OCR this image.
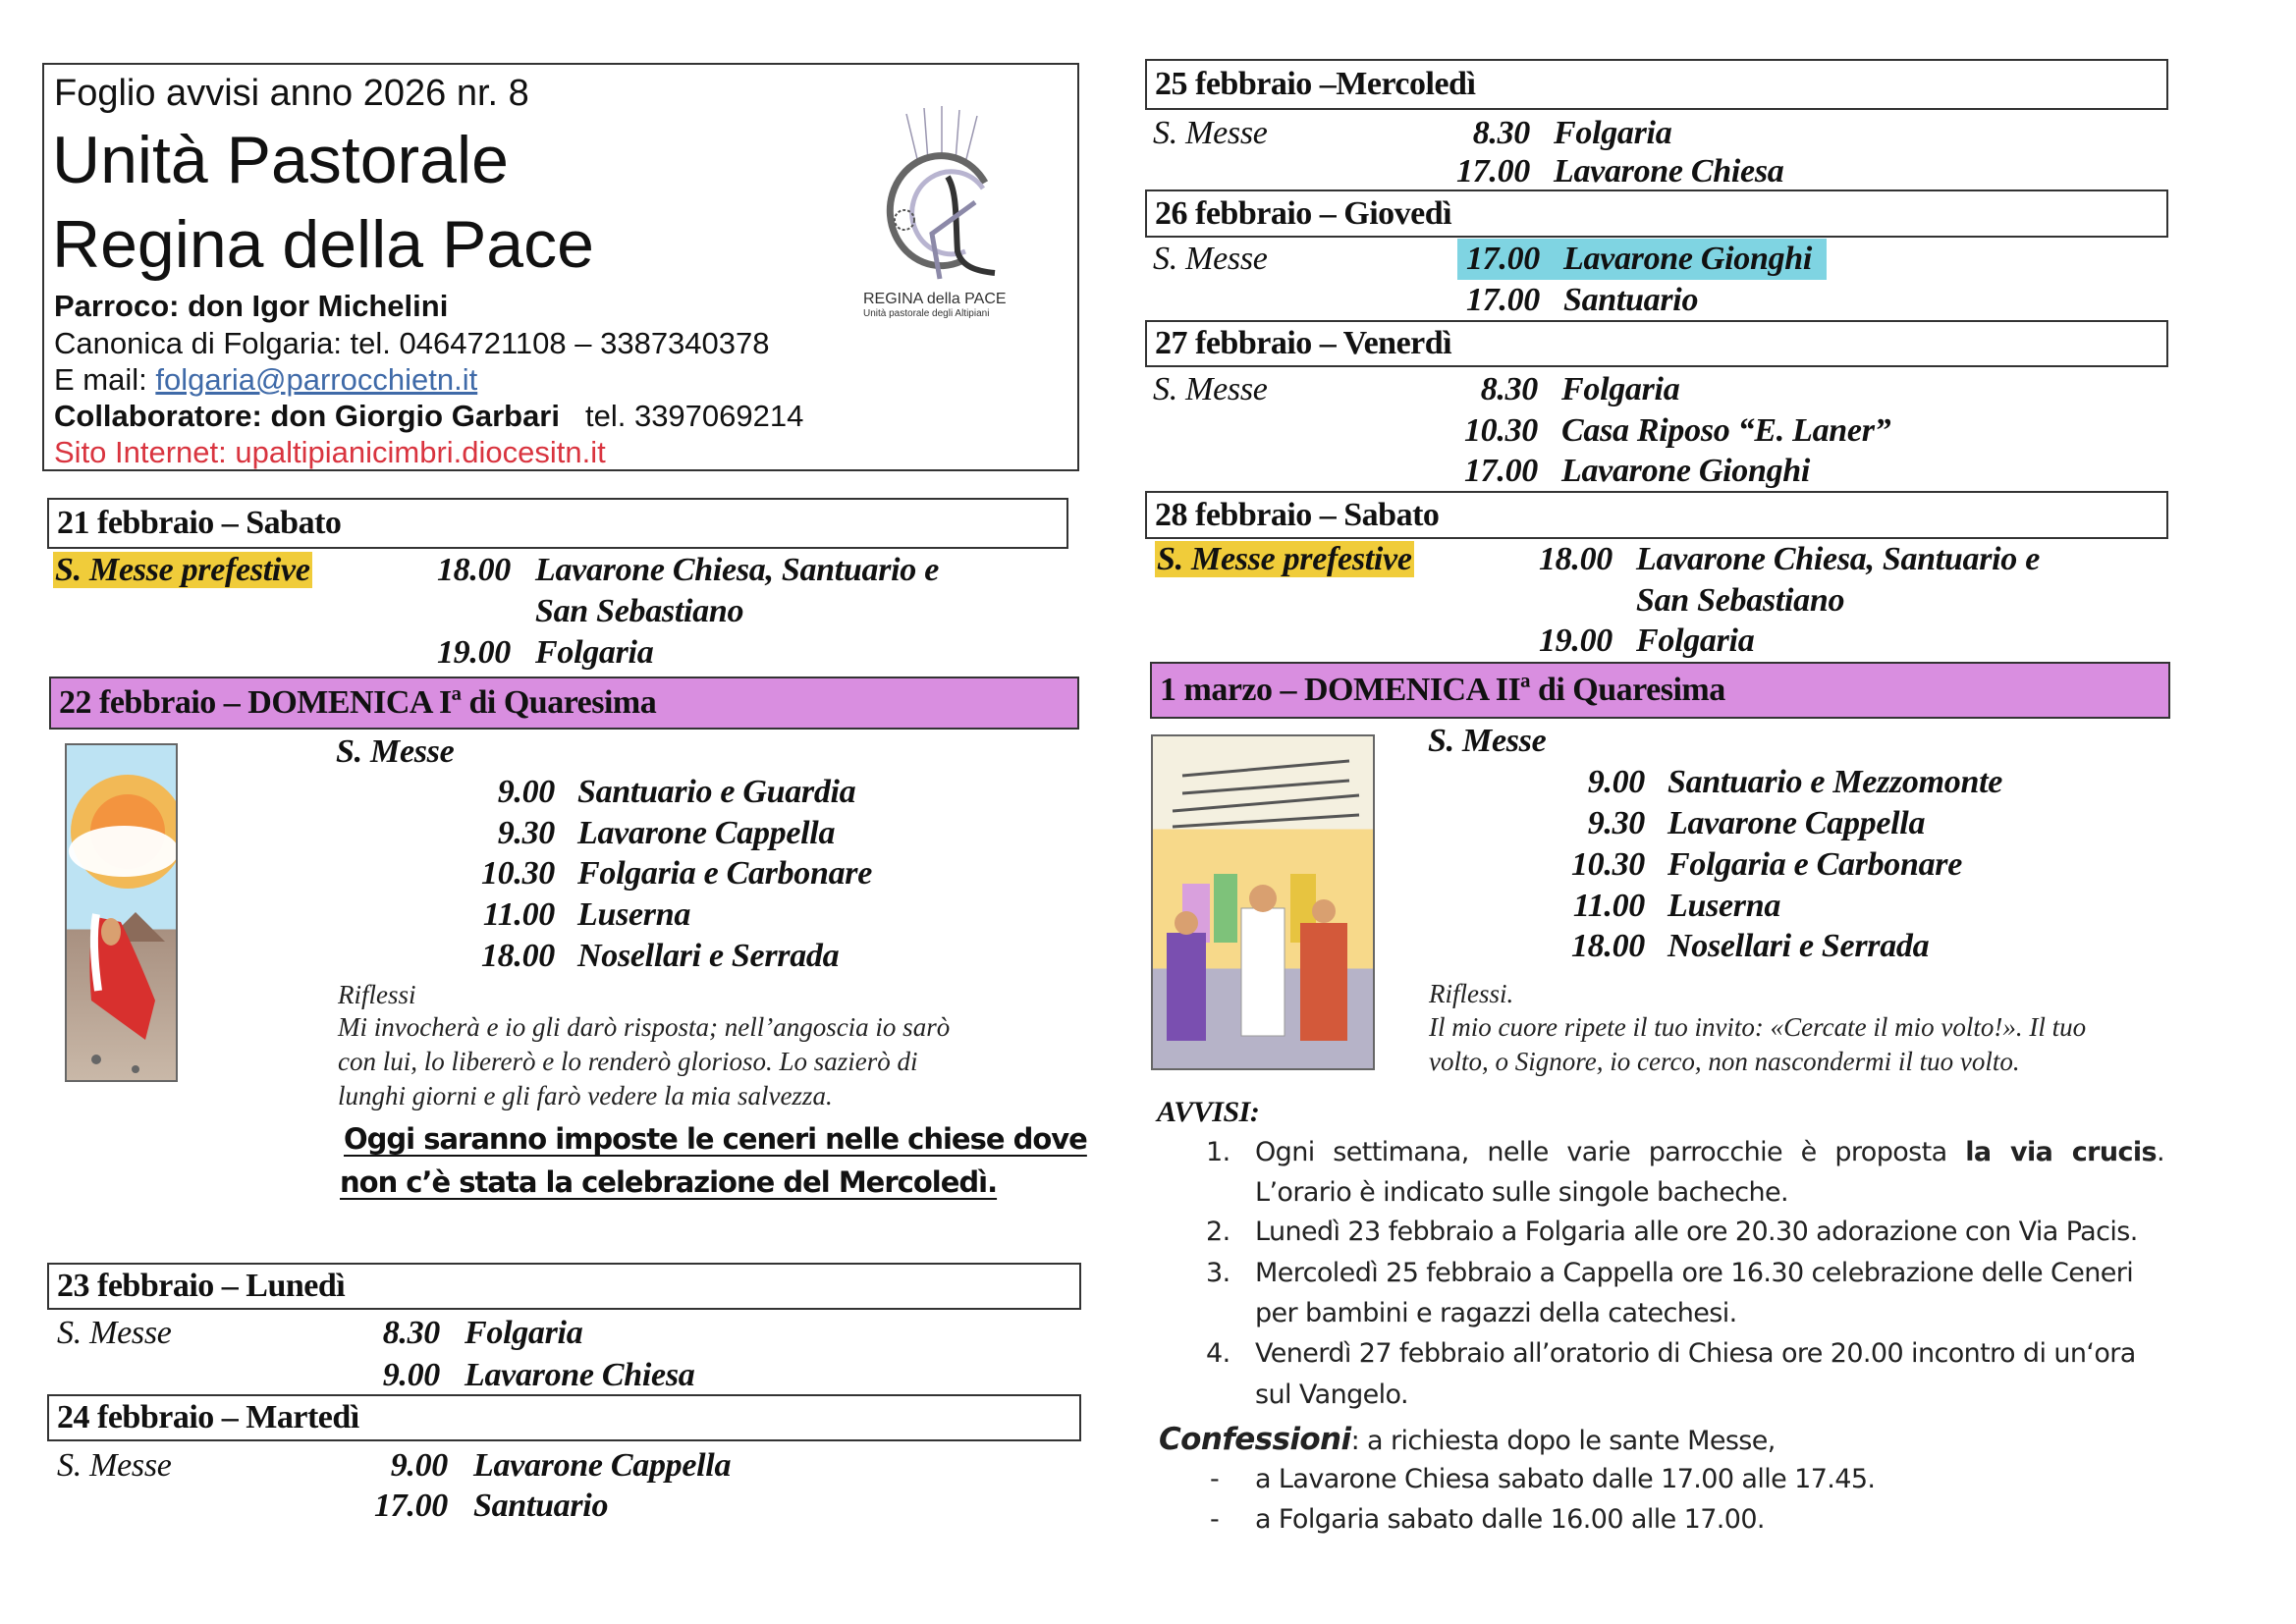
Foglio avvisi anno 2026 nr. 8
Unità Pastorale
Regina della Pace
Parroco: don Igor Michelini
Canonica di Folgaria: tel. 0464721108 – 3387340378
E mail: folgaria@parrocchietn.it
Collaboratore: don Giorgio Garbari tel. 3397069214
Sito Internet: upaltipianicimbri.diocesitn.it
REGINA della PACE
Unità pastorale degli Altipiani
21 febbraio – Sabato
S. Messe prefestive	18.00 Lavarone Chiesa, Santuario e
San Sebastiano
19.00 Folgaria
22 febbraio – DOMENICA Iª di Quaresima
S. Messe
9.00 Santuario e Guardia
9.30 Lavarone Cappella
10.30 Folgaria e Carbonare
11.00 Luserna
18.00 Nosellari e Serrada
Riflessi
Mi invocherà e io gli darò risposta; nell’angoscia io sarò
con lui, lo libererò e lo renderò glorioso. Lo sazierò di
lunghi giorni e gli farò vedere la mia salvezza.
Oggi saranno imposte le ceneri nelle chiese dove
non c’è stata la celebrazione del Mercoledì.
23 febbraio – Lunedì
S. Messe	8.30 Folgaria
9.00 Lavarone Chiesa
24 febbraio – Martedì
S. Messe	9.00 Lavarone Cappella
17.00 Santuario
25 febbraio –Mercoledì
S. Messe	8.30 Folgaria
17.00 Lavarone Chiesa
26 febbraio – Giovedì
S. Messe	17.00 Lavarone Gionghi
17.00 Santuario
27 febbraio – Venerdì
S. Messe	8.30 Folgaria
10.30 Casa Riposo “E. Laner”
17.00 Lavarone Gionghi
28 febbraio – Sabato
S. Messe prefestive	18.00 Lavarone Chiesa, Santuario e
San Sebastiano
19.00 Folgaria
1 marzo – DOMENICA IIª di Quaresima
S. Messe
9.00 Santuario e Mezzomonte
9.30 Lavarone Cappella
10.30 Folgaria e Carbonare
11.00 Luserna
18.00 Nosellari e Serrada
Riflessi.
Il mio cuore ripete il tuo invito: «Cercate il mio volto!». Il tuo
volto, o Signore, io cerco, non nascondermi il tuo volto.
AVVISI:
1. Ogni settimana, nelle varie parrocchie è proposta la via crucis.
L’orario è indicato sulle singole bacheche.
2. Lunedì 23 febbraio a Folgaria alle ore 20.30 adorazione con Via Pacis.
3. Mercoledì 25 febbraio a Cappella ore 16.30 celebrazione delle Ceneri
per bambini e ragazzi della catechesi.
4. Venerdì 27 febbraio all’oratorio di Chiesa ore 20.00 incontro di un‘ora
sul Vangelo.
Confessioni: a richiesta dopo le sante Messe,
- a Lavarone Chiesa sabato dalle 17.00 alle 17.45.
- a Folgaria sabato dalle 16.00 alle 17.00.
